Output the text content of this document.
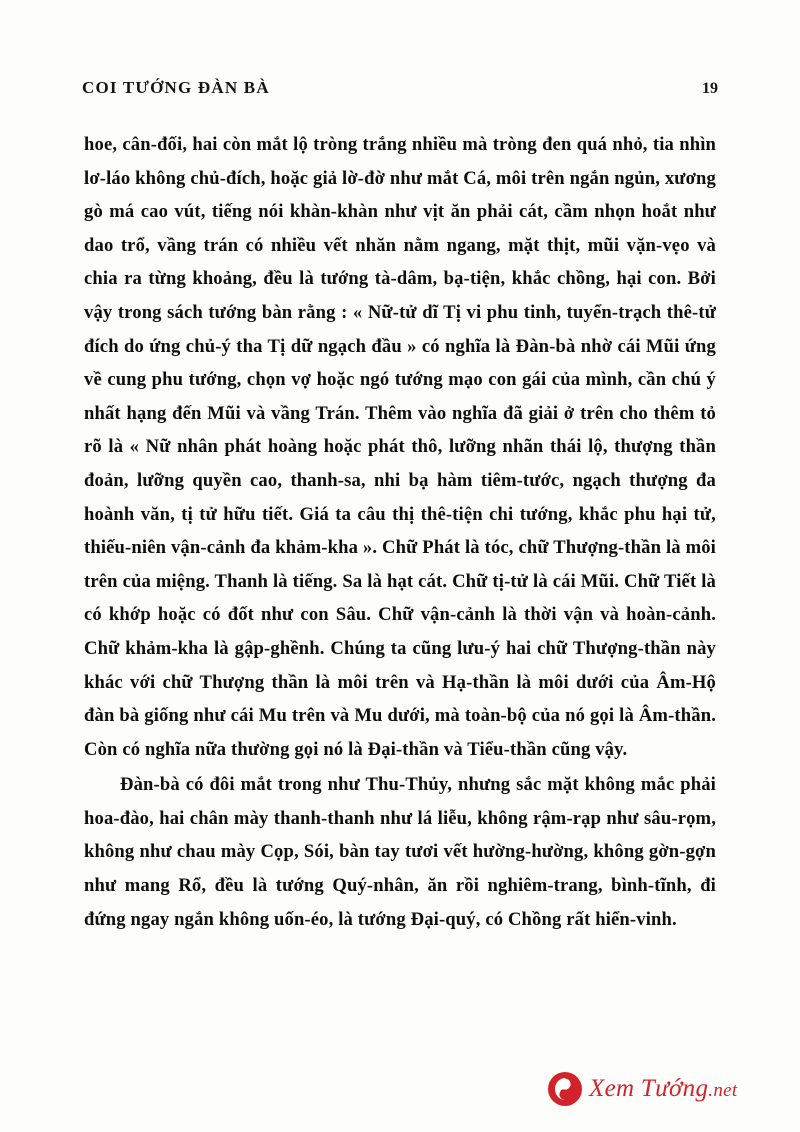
COI TƯỚNG ĐÀN BÀ	19

hoe, cân-đối, hai còn mắt lộ tròng trắng nhiều mà tròng đen quá nhỏ, tia nhìn lơ-láo không chủ-đích, hoặc giả lờ-đờ như mắt Cá, môi trên ngắn ngủn, xương gò má cao vút, tiếng nói khàn-khàn như vịt ăn phải cát, cầm nhọn hoắt như dao trổ, vầng trán có nhiều vết nhăn nằm ngang, mặt thịt, mũi vặn-vẹo và chia ra từng khoảng, đều là tướng tà-dâm, bạ-tiện, khắc chồng, hại con. Bởi vậy trong sách tướng bàn rằng : « Nữ-tử dĩ Tị vi phu tinh, tuyển-trạch thê-tử đích do ứng chủ-ý tha Tị dữ ngạch đầu » có nghĩa là Đàn-bà nhờ cái Mũi ứng về cung phu tướng, chọn vợ hoặc ngó tướng mạo con gái của mình, cần chú ý nhất hạng đến Mũi và vầng Trán. Thêm vào nghĩa đã giải ở trên cho thêm tỏ rõ là « Nữ nhân phát hoàng hoặc phát thô, lưỡng nhãn thái lộ, thượng thần đoản, lưỡng quyền cao, thanh-sa, nhi bạ hàm tiêm-tước, ngạch thượng đa hoành văn, tị tử hữu tiết. Giá ta câu thị thê-tiện chi tướng, khắc phu hại tử, thiếu-niên vận-cảnh đa khảm-kha ». Chữ Phát là tóc, chữ Thượng-thần là môi trên của miệng. Thanh là tiếng. Sa là hạt cát. Chữ tị-tử là cái Mũi. Chữ Tiết là có khớp hoặc có đốt như con Sâu. Chữ vận-cảnh là thời vận và hoàn-cảnh. Chữ khảm-kha là gập-ghềnh. Chúng ta cũng lưu-ý hai chữ Thượng-thần này khác với chữ Thượng thần là môi trên và Hạ-thần là môi dưới của Âm-Hộ đàn bà giống như cái Mu trên và Mu dưới, mà toàn-bộ của nó gọi là Âm-thần. Còn có nghĩa nữa thường gọi nó là Đại-thần và Tiểu-thần cũng vậy.

Đàn-bà có đôi mắt trong như Thu-Thủy, nhưng sắc mặt không mắc phải hoa-đào, hai chân mày thanh-thanh như lá liễu, không rậm-rạp như sâu-rọm, không như chau mày Cọp, Sói, bàn tay tươi vết hường-hường, không gờn-gợn như mang Rổ, đều là tướng Quý-nhân, ăn rồi nghiêm-trang, bình-tĩnh, đi đứng ngay ngắn không uốn-éo, là tướng Đại-quý, có Chồng rất hiển-vinh.

Xem Tướng.net
